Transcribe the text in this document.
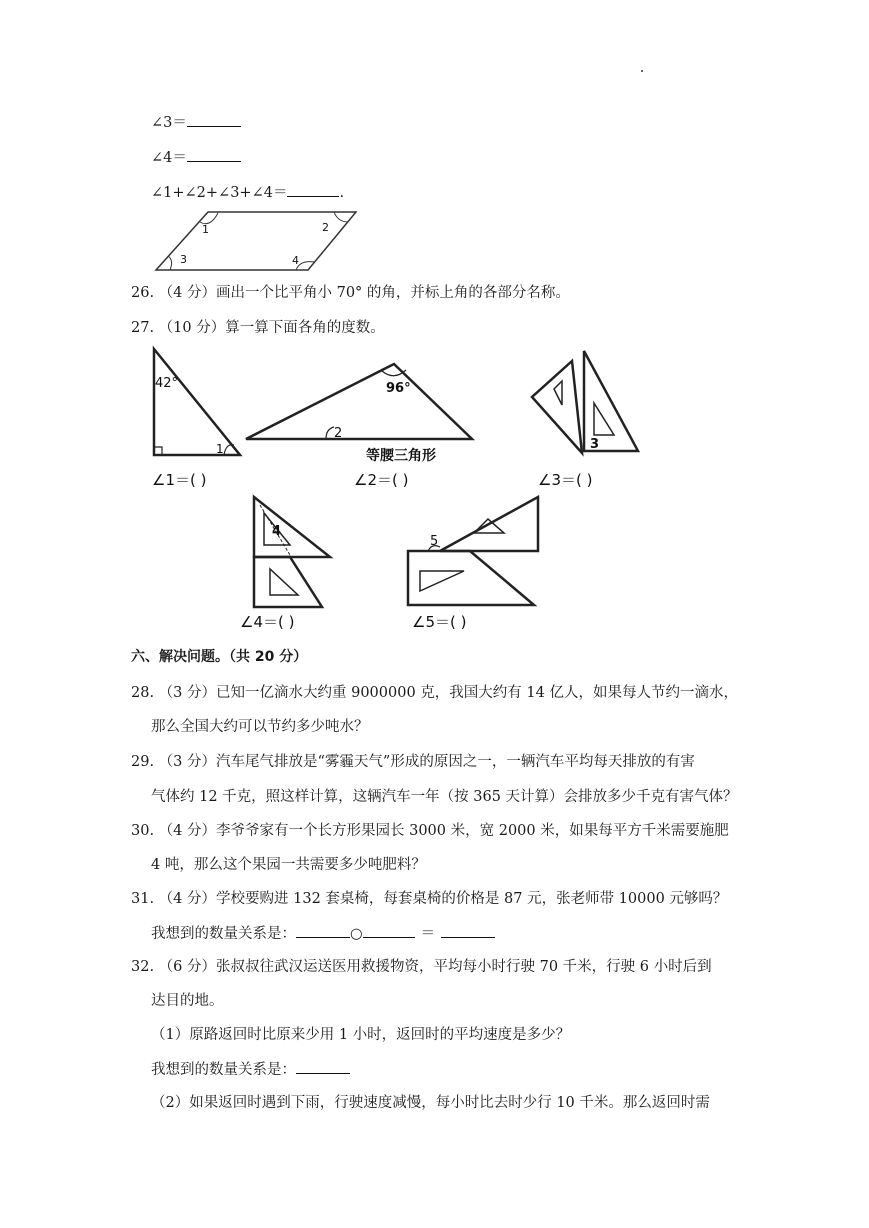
∠3＝
∠4＝
∠1+∠2+∠3+∠4＝	.
1	2
3	4
26. （4 分）画出一个比平角小 70° 的角，并标上角的各部分名称。
27. （10 分）算一算下面各角的度数。
42°
1
∠1＝( )
96°
2
等腰三角形
∠2＝( )
3
∠3＝( )
4
∠4＝( )
5
∠5＝( )
六、解决问题。（共 20 分）
28. （3 分）已知一亿滴水大约重 9000000 克，我国大约有 14 亿人，如果每人节约一滴水，
那么全国大约可以节约多少吨水？
29. （3 分）汽车尾气排放是“雾霾天气”形成的原因之一，一辆汽车平均每天排放的有害
气体约 12 千克，照这样计算，这辆汽车一年（按 365 天计算）会排放多少千克有害气体？
30. （4 分）李爷爷家有一个长方形果园长 3000 米，宽 2000 米，如果每平方千米需要施肥
4 吨，那么这个果园一共需要多少吨肥料？
31. （4 分）学校要购进 132 套桌椅，每套桌椅的价格是 87 元，张老师带 10000 元够吗？
我想到的数量关系是：	○	＝
32. （6 分）张叔叔往武汉运送医用救援物资，平均每小时行驶 70 千米，行驶 6 小时后到
达目的地。
（1）原路返回时比原来少用 1 小时，返回时的平均速度是多少？
我想到的数量关系是：
（2）如果返回时遇到下雨，行驶速度减慢，每小时比去时少行 10 千米。那么返回时需
